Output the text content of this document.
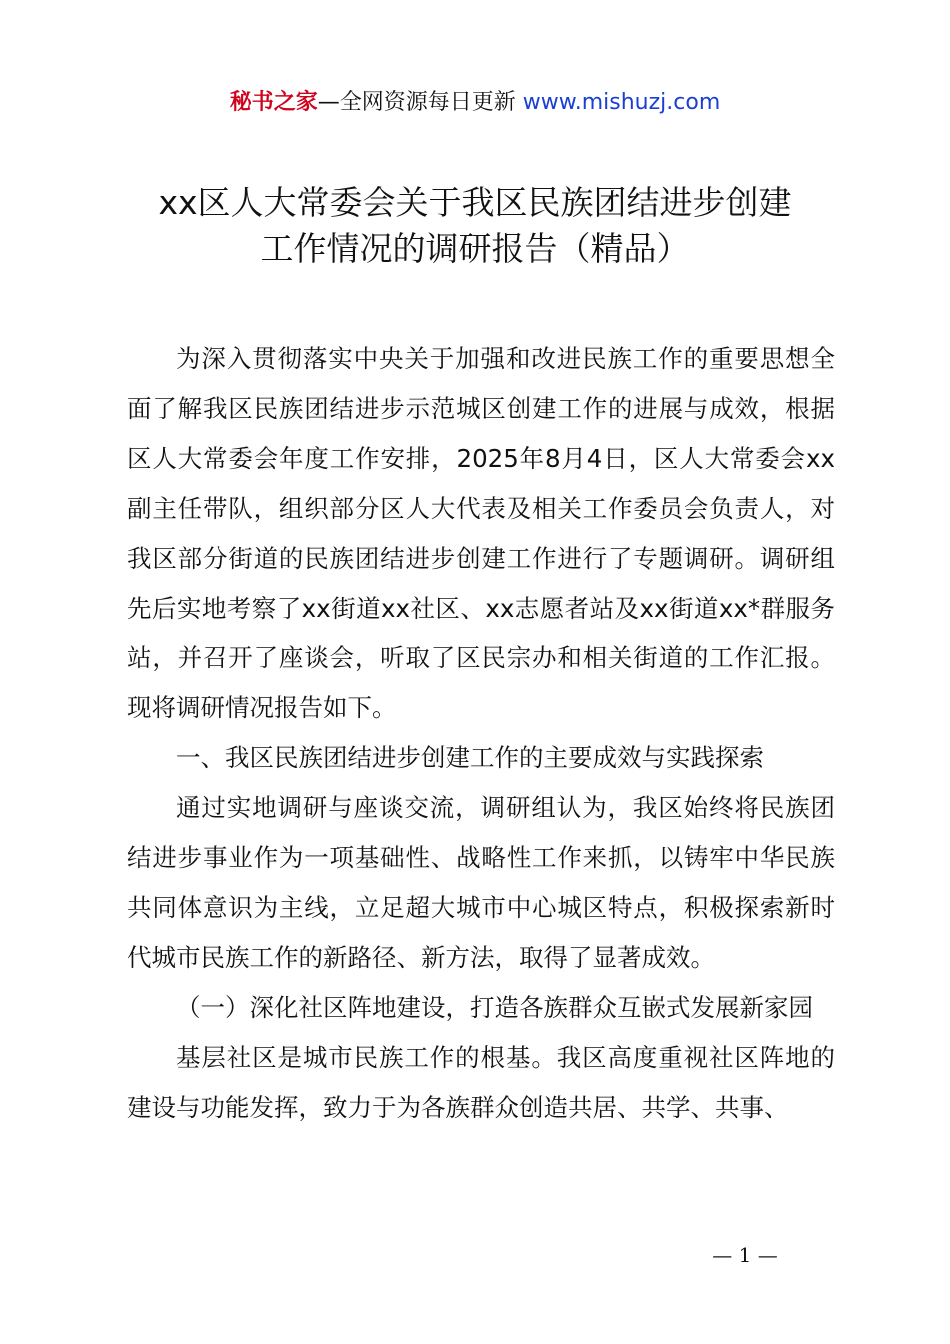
秘书之家—全网资源每日更新 www.mishuzj.com
xx区人大常委会关于我区民族团结进步创建
工作情况的调研报告（精品）

为深入贯彻落实中央关于加强和改进民族工作的重要思想全面了解我区民族团结进步示范城区创建工作的进展与成效，根据区人大常委会年度工作安排，2025年8月4日，区人大常委会xx副主任带队，组织部分区人大代表及相关工作委员会负责人，对我区部分街道的民族团结进步创建工作进行了专题调研。调研组先后实地考察了xx街道xx社区、xx志愿者站及xx街道xx*群服务站，并召开了座谈会，听取了区民宗办和相关街道的工作汇报。现将调研情况报告如下。

一、我区民族团结进步创建工作的主要成效与实践探索

通过实地调研与座谈交流，调研组认为，我区始终将民族团结进步事业作为一项基础性、战略性工作来抓，以铸牢中华民族共同体意识为主线，立足超大城市中心城区特点，积极探索新时代城市民族工作的新路径、新方法，取得了显著成效。

（一）深化社区阵地建设，打造各族群众互嵌式发展新家园

基层社区是城市民族工作的根基。我区高度重视社区阵地的建设与功能发挥，致力于为各族群众创造共居、共学、共事、

— 1 —
